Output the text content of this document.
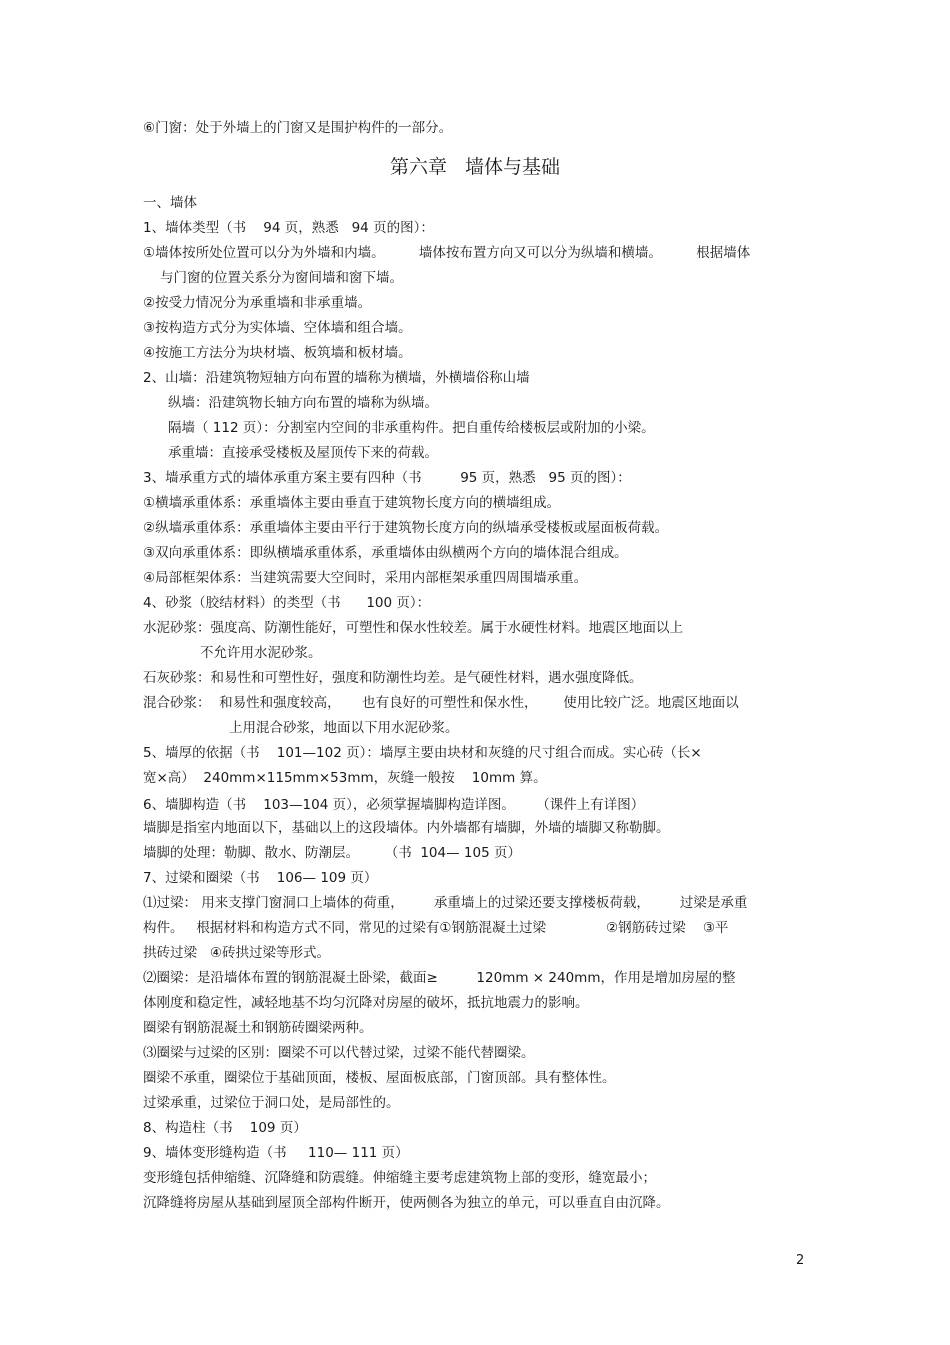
⑥门窗：处于外墙上的门窗又是围护构件的一部分。
第六章   墙体与基础
一、墙体
1、墙体类型（书    94 页，熟悉   94 页的图）：
①墙体按所处位置可以分为外墙和内墙。        墙体按布置方向又可以分为纵墙和横墙。        根据墙体
与门窗的位置关系分为窗间墙和窗下墙。
②按受力情况分为承重墙和非承重墙。
③按构造方式分为实体墙、空体墙和组合墙。
④按施工方法分为块材墙、板筑墙和板材墙。
2、山墙：沿建筑物短轴方向布置的墙称为横墙，外横墙俗称山墙
纵墙：沿建筑物长轴方向布置的墙称为纵墙。
隔墙（ 112 页）：分割室内空间的非承重构件。把自重传给楼板层或附加的小梁。
承重墙：直接承受楼板及屋顶传下来的荷载。
3、墙承重方式的墙体承重方案主要有四种（书         95 页，熟悉   95 页的图）：
①横墙承重体系：承重墙体主要由垂直于建筑物长度方向的横墙组成。
②纵墙承重体系：承重墙体主要由平行于建筑物长度方向的纵墙承受楼板或屋面板荷载。
③双向承重体系：即纵横墙承重体系，承重墙体由纵横两个方向的墙体混合组成。
④局部框架体系：当建筑需要大空间时，采用内部框架承重四周围墙承重。
4、砂浆（胶结材料）的类型（书      100 页）：
水泥砂浆：强度高、防潮性能好，可塑性和保水性较差。属于水硬性材料。地震区地面以上
不允许用水泥砂浆。
石灰砂浆：和易性和可塑性好，强度和防潮性均差。是气硬性材料，遇水强度降低。
混合砂浆：  和易性和强度较高，     也有良好的可塑性和保水性，      使用比较广泛。地震区地面以
上用混合砂浆，地面以下用水泥砂浆。
5、墙厚的依据（书    101—102 页）：墙厚主要由块材和灰缝的尺寸组合而成。实心砖（长×
宽×高）  240mm×115mm×53mm，灰缝一般按    10mm 算。
6、墙脚构造（书    103—104 页），必须掌握墙脚构造详图。     （课件上有详图）
墙脚是指室内地面以下，基础以上的这段墙体。内外墙都有墙脚，外墙的墙脚又称勒脚。
墙脚的处理：勒脚、散水、防潮层。      （书  104— 105 页）
7、过梁和圈梁（书    106— 109 页）
⑴过梁： 用来支撑门窗洞口上墙体的荷重，       承重墙上的过梁还要支撑楼板荷载，       过梁是承重
构件。   根据材料和构造方式不同，常见的过梁有①钢筋混凝土过梁              ②钢筋砖过梁    ③平
拱砖过梁   ④砖拱过梁等形式。
⑵圈梁：是沿墙体布置的钢筋混凝土卧梁，截面≥         120mm × 240mm，作用是增加房屋的整
体刚度和稳定性，减轻地基不均匀沉降对房屋的破坏，抵抗地震力的影响。
圈梁有钢筋混凝土和钢筋砖圈梁两种。
⑶圈梁与过梁的区别：圈梁不可以代替过梁，过梁不能代替圈梁。
圈梁不承重，圈梁位于基础顶面，楼板、屋面板底部，门窗顶部。具有整体性。
过梁承重，过梁位于洞口处，是局部性的。
8、构造柱（书    109 页）
9、墙体变形缝构造（书     110— 111 页）
变形缝包括伸缩缝、沉降缝和防震缝。伸缩缝主要考虑建筑物上部的变形，缝宽最小；
沉降缝将房屋从基础到屋顶全部构件断开，使两侧各为独立的单元，可以垂直自由沉降。
2
